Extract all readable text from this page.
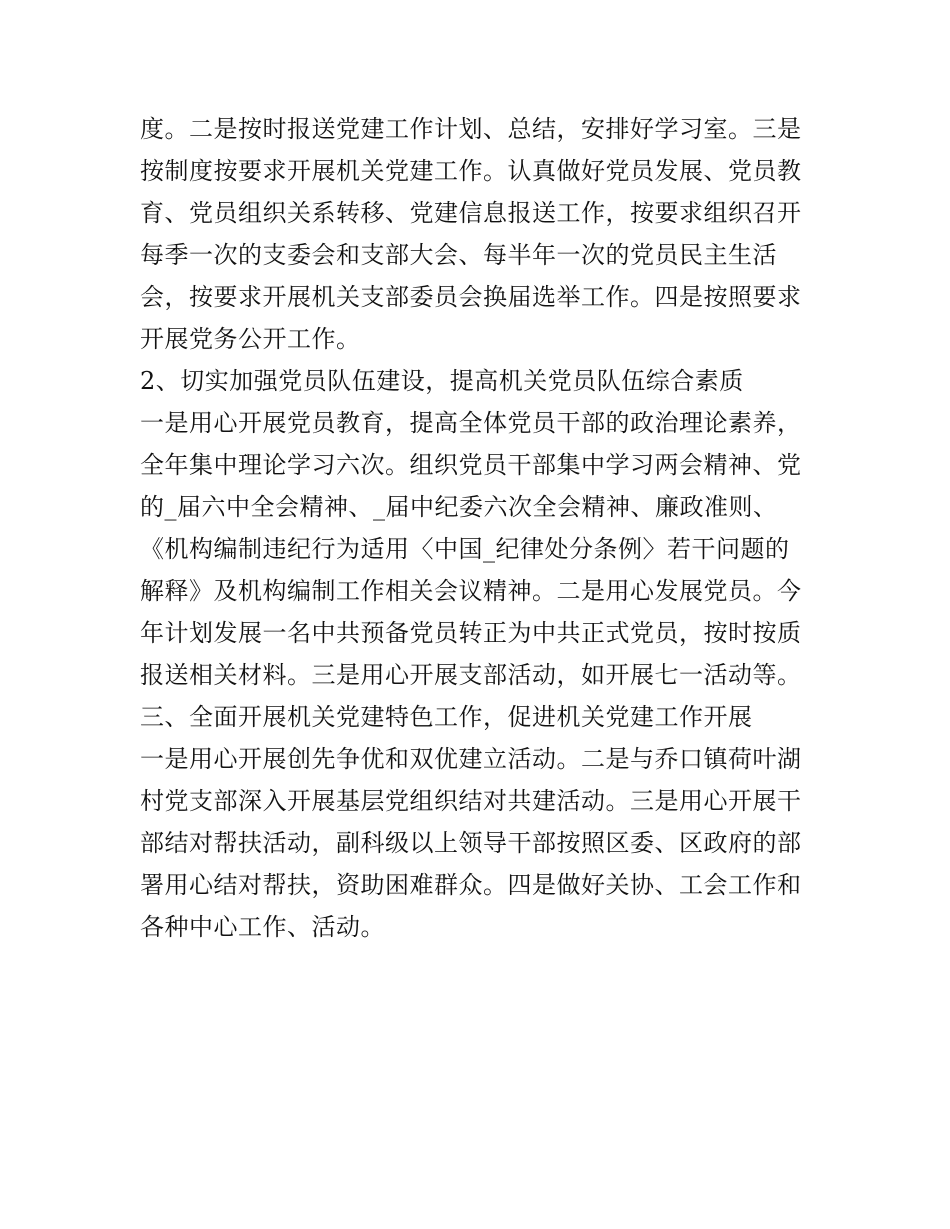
度。二是按时报送党建工作计划、总结，安排好学习室。三是
按制度按要求开展机关党建工作。认真做好党员发展、党员教
育、党员组织关系转移、党建信息报送工作，按要求组织召开
每季一次的支委会和支部大会、每半年一次的党员民主生活
会，按要求开展机关支部委员会换届选举工作。四是按照要求
开展党务公开工作。
2、切实加强党员队伍建设，提高机关党员队伍综合素质
一是用心开展党员教育，提高全体党员干部的政治理论素养，
全年集中理论学习六次。组织党员干部集中学习两会精神、党
的_届六中全会精神、_届中纪委六次全会精神、廉政准则、
《机构编制违纪行为适用〈中国_纪律处分条例〉若干问题的
解释》及机构编制工作相关会议精神。二是用心发展党员。今
年计划发展一名中共预备党员转正为中共正式党员，按时按质
报送相关材料。三是用心开展支部活动，如开展七一活动等。
三、全面开展机关党建特色工作，促进机关党建工作开展
一是用心开展创先争优和双优建立活动。二是与乔口镇荷叶湖
村党支部深入开展基层党组织结对共建活动。三是用心开展干
部结对帮扶活动，副科级以上领导干部按照区委、区政府的部
署用心结对帮扶，资助困难群众。四是做好关协、工会工作和
各种中心工作、活动。
